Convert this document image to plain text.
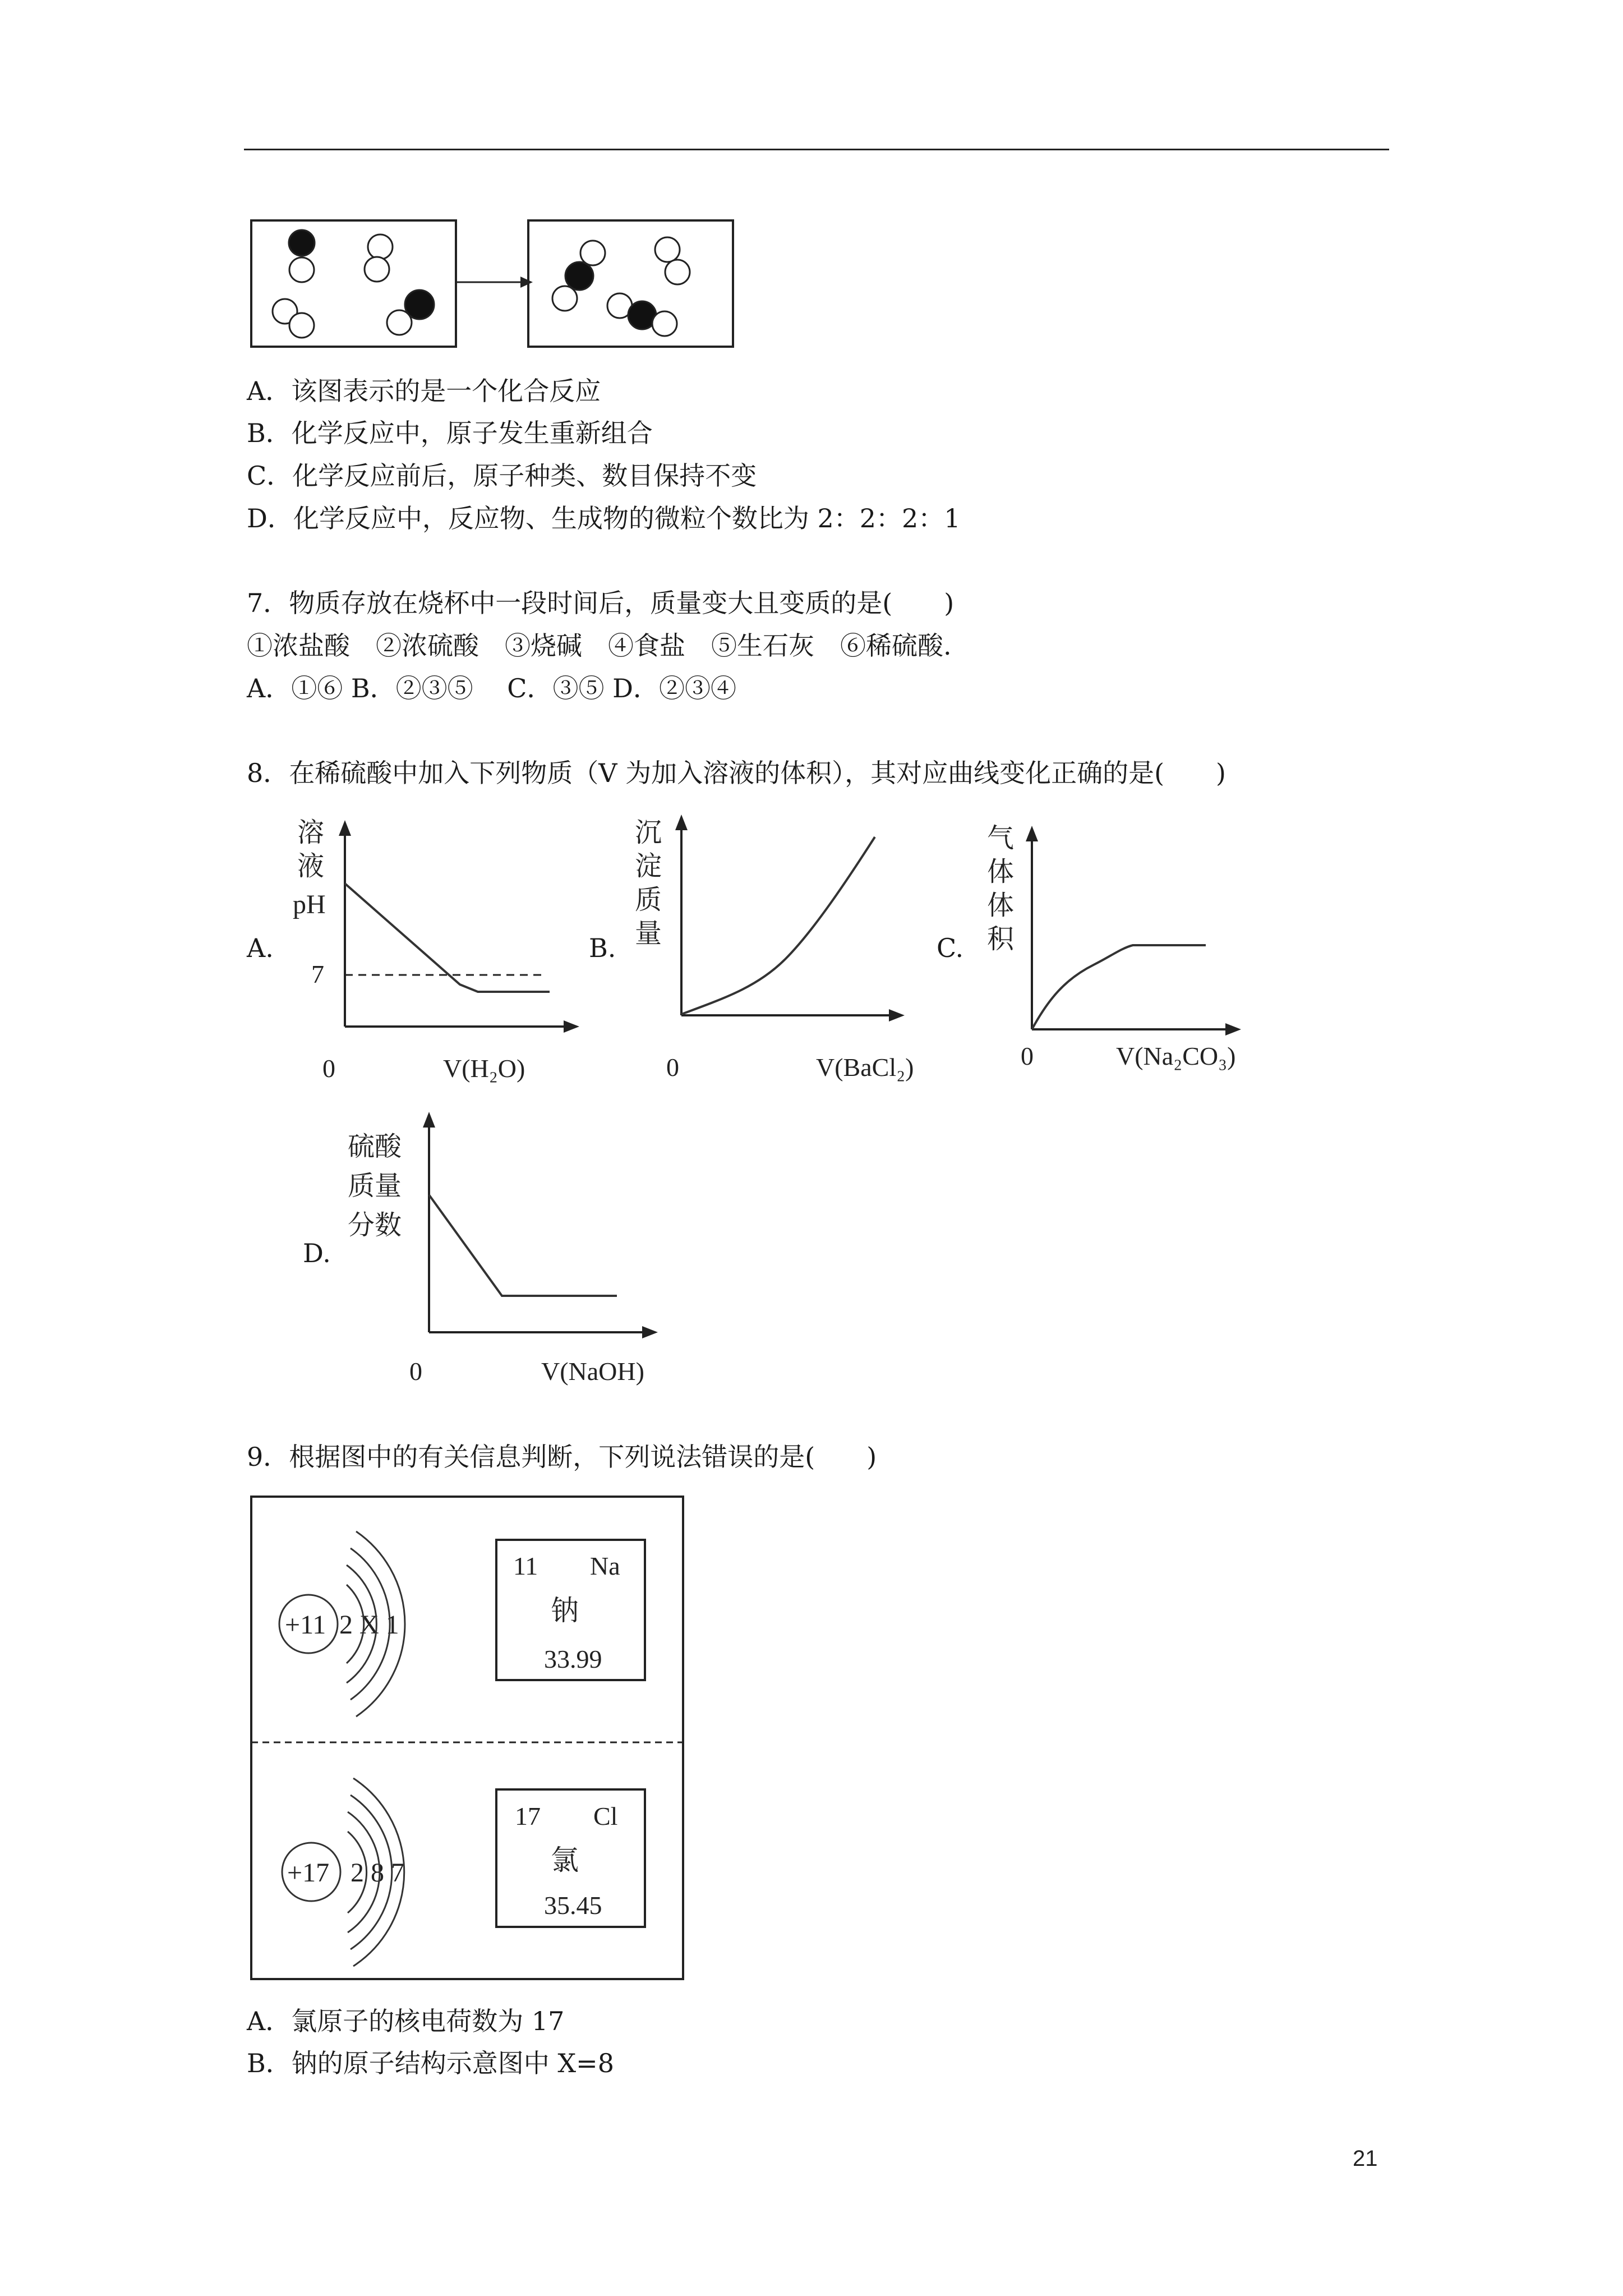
A．该图表示的是一个化合反应
B．化学反应中，原子发生重新组合
C．化学反应前后，原子种类、数目保持不变
D．化学反应中，反应物、生成物的微粒个数比为 2：2：2：1
7．物质存放在烧杯中一段时间后，质量变大且变质的是(　　)
①浓盐酸　②浓硫酸　③烧碱　④食盐　⑤生石灰　⑥稀硫酸.
A．①⑥ B．②③⑤　 C．③⑤ D．②③④
8．在稀硫酸中加入下列物质（V 为加入溶液的体积），其对应曲线变化正确的是(　　)
A.
溶
液
pH
7
0	V(H₂O)
B.
沉
淀
质
量
0	V(BaCl₂)
C.
气
体
体
积
0	V(Na₂CO₃)
D.
硫酸
质量
分数
0	V(NaOH)
9．根据图中的有关信息判断，下列说法错误的是(　　)
+11 2 X 1
11 Na
钠
33.99
+17 2 8 7
17 Cl
氯
35.45
A．氯原子的核电荷数为 17
B．钠的原子结构示意图中 X=8
21
